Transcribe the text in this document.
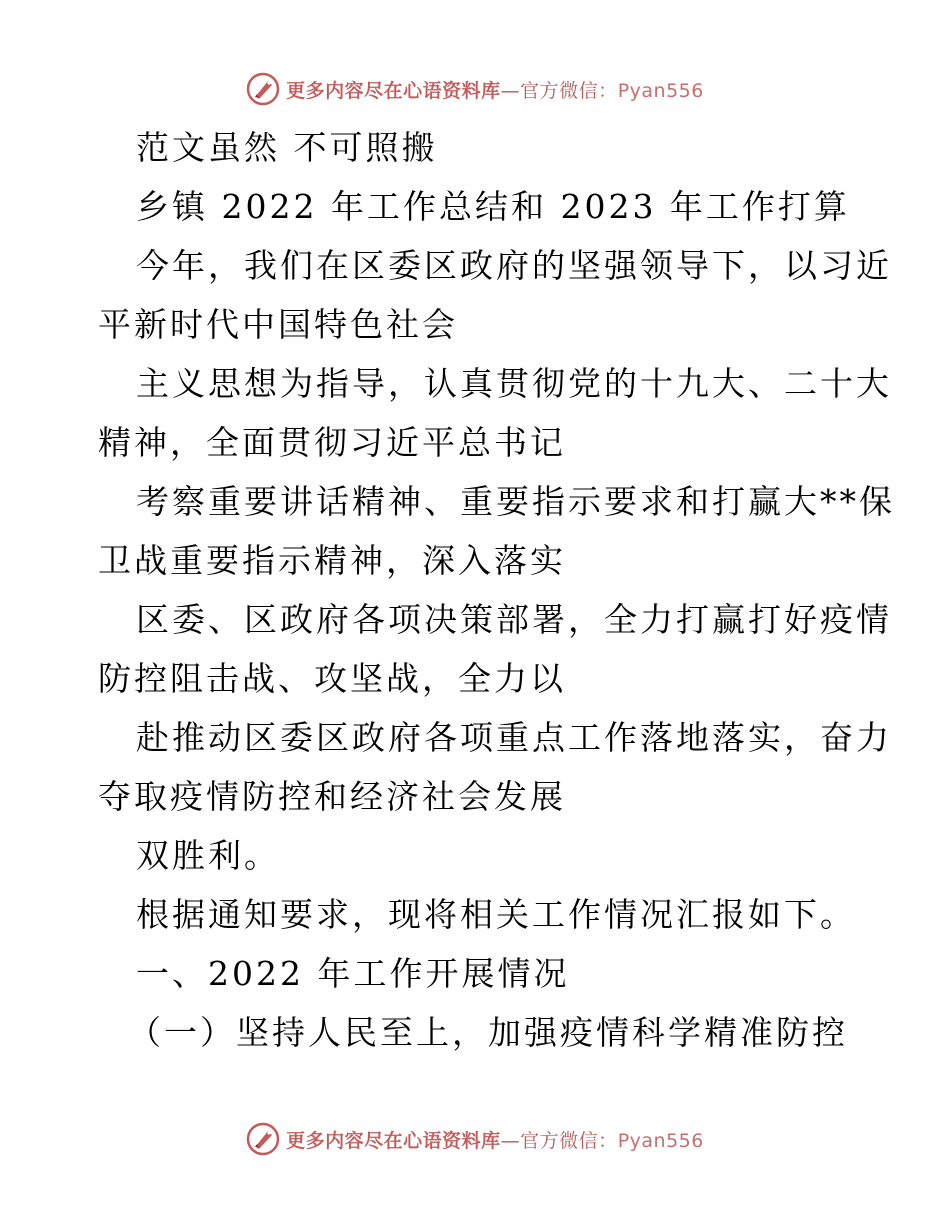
更多内容尽在心语资料库—官方微信：Pyan556
范文虽然 不可照搬
乡镇 2022 年工作总结和 2023 年工作打算
今年，我们在区委区政府的坚强领导下，以习近
平新时代中国特色社会
主义思想为指导，认真贯彻党的十九大、二十大
精神，全面贯彻习近平总书记
考察重要讲话精神、重要指示要求和打赢大**保
卫战重要指示精神，深入落实
区委、区政府各项决策部署，全力打赢打好疫情
防控阻击战、攻坚战，全力以
赴推动区委区政府各项重点工作落地落实，奋力
夺取疫情防控和经济社会发展
双胜利。
根据通知要求，现将相关工作情况汇报如下。
一、2022 年工作开展情况
（一）坚持人民至上，加强疫情科学精准防控
更多内容尽在心语资料库—官方微信：Pyan556
